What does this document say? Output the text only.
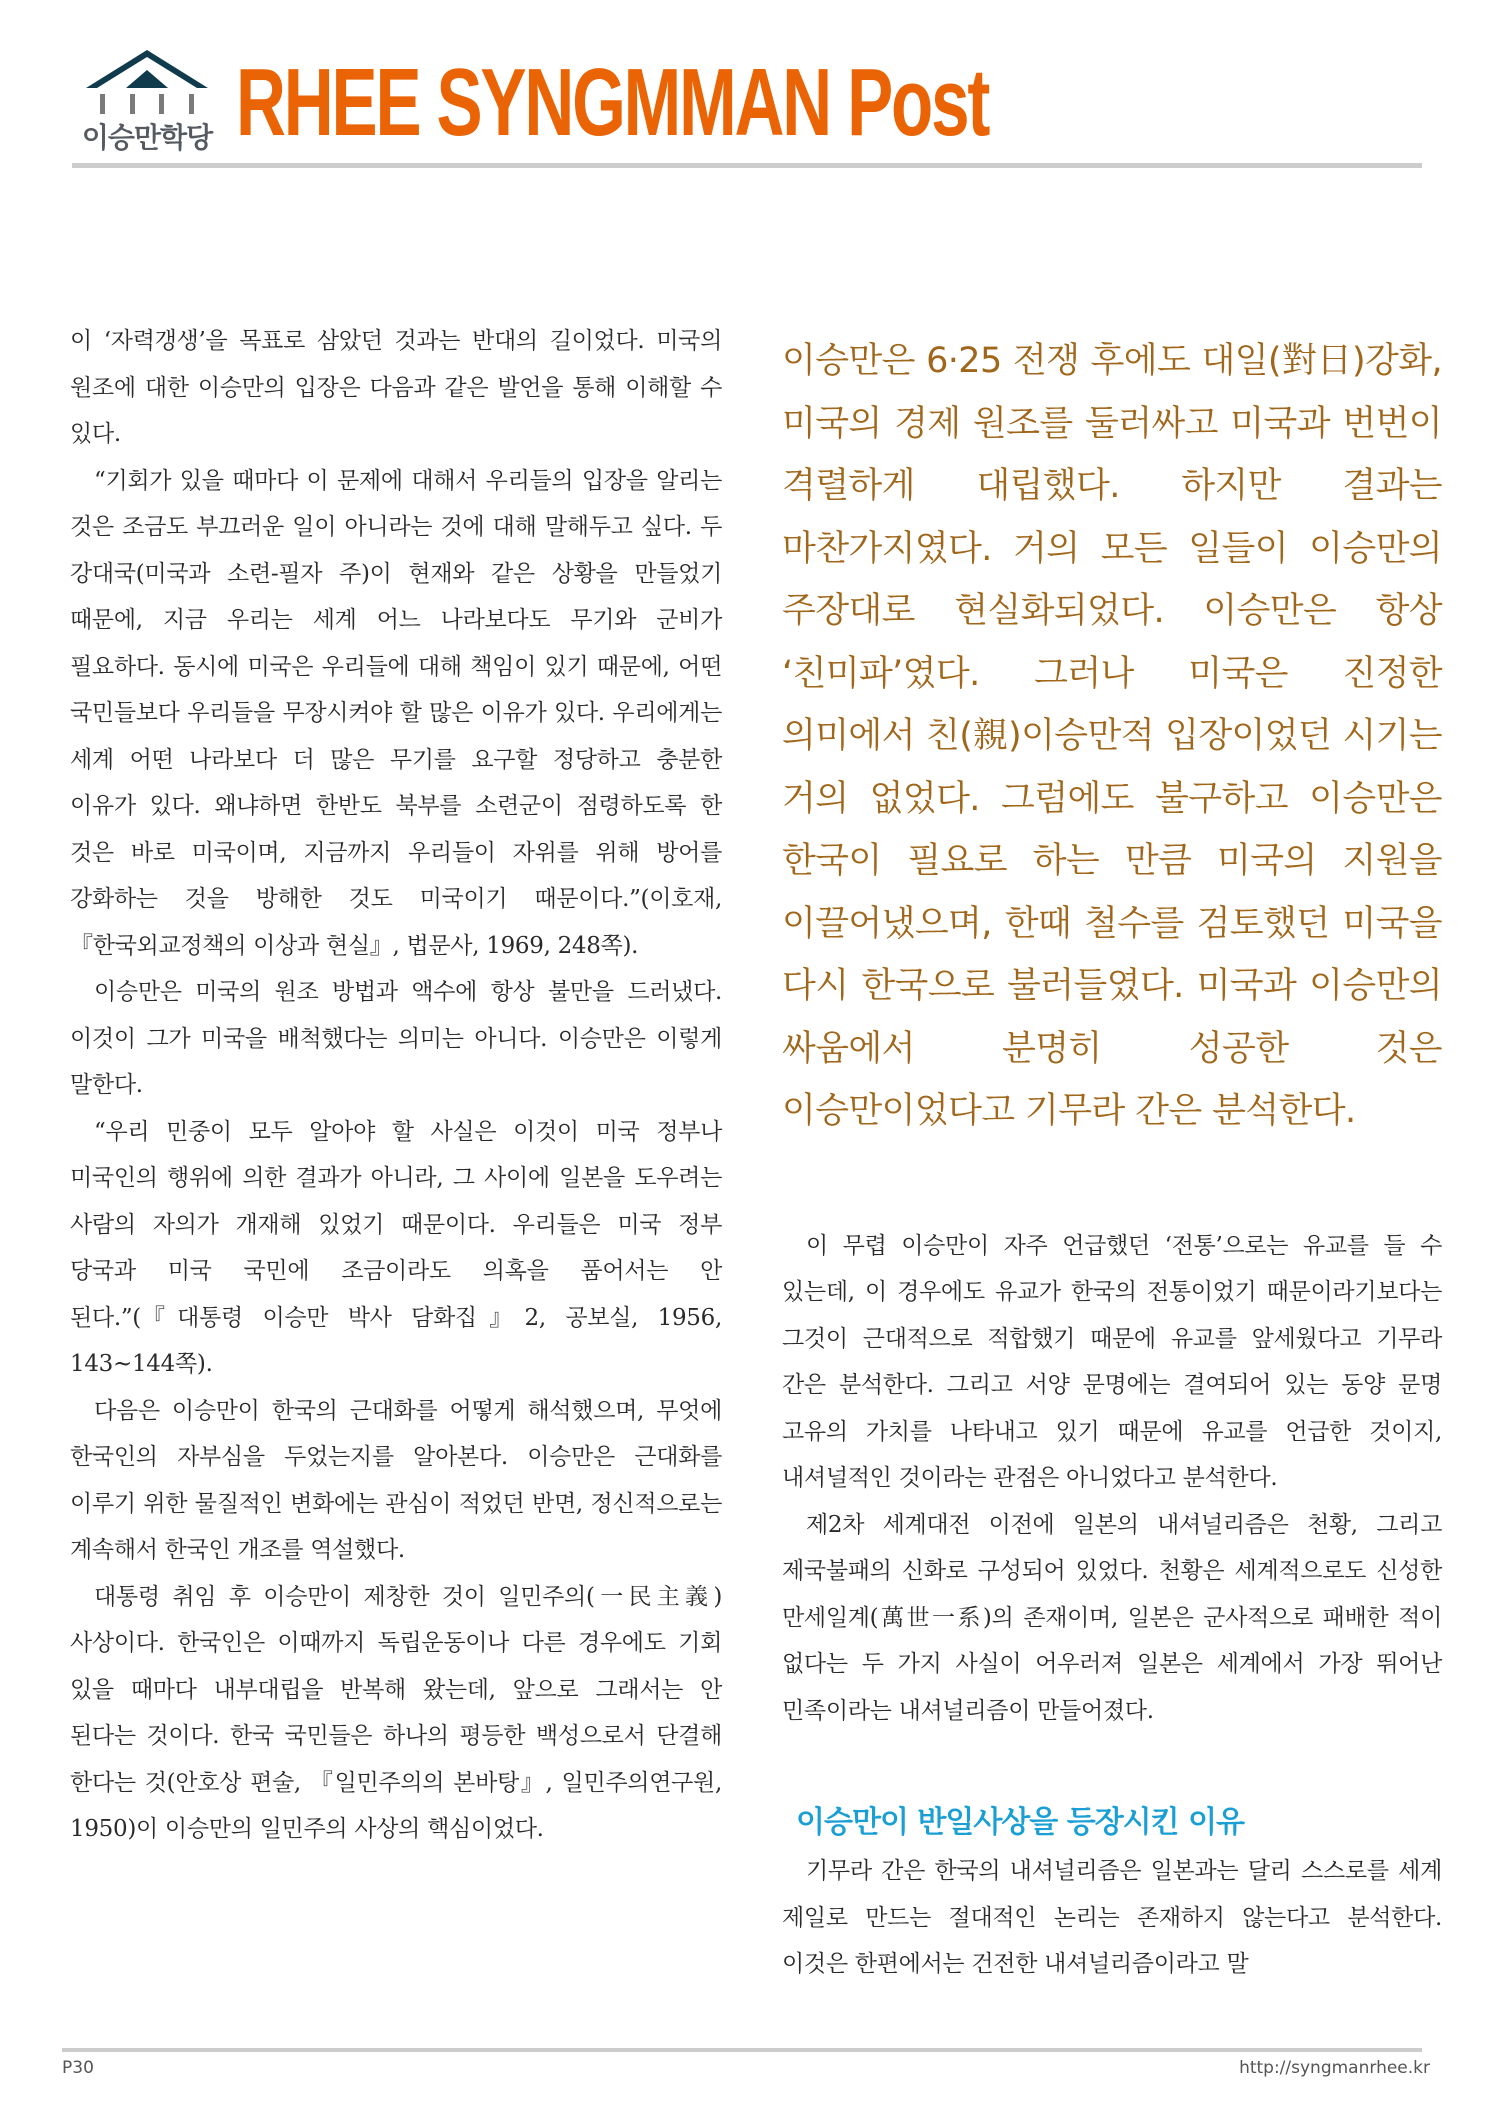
이승만학당 RHEE SYNGMMAN Post

이 ‘자력갱생’을 목표로 삼았던 것과는 반대의 길이었다. 미국의 원조에 대한 이승만의 입장은 다음과 같은 발언을 통해 이해할 수 있다.

“기회가 있을 때마다 이 문제에 대해서 우리들의 입장을 알리는 것은 조금도 부끄러운 일이 아니라는 것에 대해 말해두고 싶다. 두 강대국(미국과 소련-필자 주)이 현재와 같은 상황을 만들었기 때문에, 지금 우리는 세계 어느 나라보다도 무기와 군비가 필요하다. 동시에 미국은 우리들에 대해 책임이 있기 때문에, 어떤 국민들보다 우리들을 무장시켜야 할 많은 이유가 있다. 우리에게는 세계 어떤 나라보다 더 많은 무기를 요구할 정당하고 충분한 이유가 있다. 왜냐하면 한반도 북부를 소련군이 점령하도록 한 것은 바로 미국이며, 지금까지 우리들이 자위를 위해 방어를 강화하는 것을 방해한 것도 미국이기 때문이다.”(이호재, 『한국외교정책의 이상과 현실』, 법문사, 1969, 248쪽).

이승만은 미국의 원조 방법과 액수에 항상 불만을 드러냈다. 이것이 그가 미국을 배척했다는 의미는 아니다. 이승만은 이렇게 말한다.

“우리 민중이 모두 알아야 할 사실은 이것이 미국 정부나 미국인의 행위에 의한 결과가 아니라, 그 사이에 일본을 도우려는 사람의 자의가 개재해 있었기 때문이다. 우리들은 미국 정부 당국과 미국 국민에 조금이라도 의혹을 품어서는 안 된다.”(『대통령 이승만 박사 담화집』2, 공보실, 1956, 143~144쪽).

다음은 이승만이 한국의 근대화를 어떻게 해석했으며, 무엇에 한국인의 자부심을 두었는지를 알아본다. 이승만은 근대화를 이루기 위한 물질적인 변화에는 관심이 적었던 반면, 정신적으로는 계속해서 한국인 개조를 역설했다.

대통령 취임 후 이승만이 제창한 것이 일민주의(一民主義) 사상이다. 한국인은 이때까지 독립운동이나 다른 경우에도 기회 있을 때마다 내부대립을 반복해 왔는데, 앞으로 그래서는 안 된다는 것이다. 한국 국민들은 하나의 평등한 백성으로서 단결해 한다는 것(안호상 편술, 『일민주의의 본바탕』, 일민주의연구원, 1950)이 이승만의 일민주의 사상의 핵심이었다.

이승만은 6·25 전쟁 후에도 대일(對日)강화, 미국의 경제 원조를 둘러싸고 미국과 번번이 격렬하게 대립했다. 하지만 결과는 마찬가지였다. 거의 모든 일들이 이승만의 주장대로 현실화되었다. 이승만은 항상 ‘친미파’였다. 그러나 미국은 진정한 의미에서 친(親)이승만적 입장이었던 시기는 거의 없었다. 그럼에도 불구하고 이승만은 한국이 필요로 하는 만큼 미국의 지원을 이끌어냈으며, 한때 철수를 검토했던 미국을 다시 한국으로 불러들였다. 미국과 이승만의 싸움에서 분명히 성공한 것은 이승만이었다고 기무라 간은 분석한다.

이 무렵 이승만이 자주 언급했던 ‘전통’으로는 유교를 들 수 있는데, 이 경우에도 유교가 한국의 전통이었기 때문이라기보다는 그것이 근대적으로 적합했기 때문에 유교를 앞세웠다고 기무라 간은 분석한다. 그리고 서양 문명에는 결여되어 있는 동양 문명 고유의 가치를 나타내고 있기 때문에 유교를 언급한 것이지, 내셔널적인 것이라는 관점은 아니었다고 분석한다.

제2차 세계대전 이전에 일본의 내셔널리즘은 천황, 그리고 제국불패의 신화로 구성되어 있었다. 천황은 세계적으로도 신성한 만세일계(萬世一系)의 존재이며, 일본은 군사적으로 패배한 적이 없다는 두 가지 사실이 어우러져 일본은 세계에서 가장 뛰어난 민족이라는 내셔널리즘이 만들어졌다.

이승만이 반일사상을 등장시킨 이유

기무라 간은 한국의 내셔널리즘은 일본과는 달리 스스로를 세계 제일로 만드는 절대적인 논리는 존재하지 않는다고 분석한다. 이것은 한편에서는 건전한 내셔널리즘이라고 말

P30	http://syngmanrhee.kr
